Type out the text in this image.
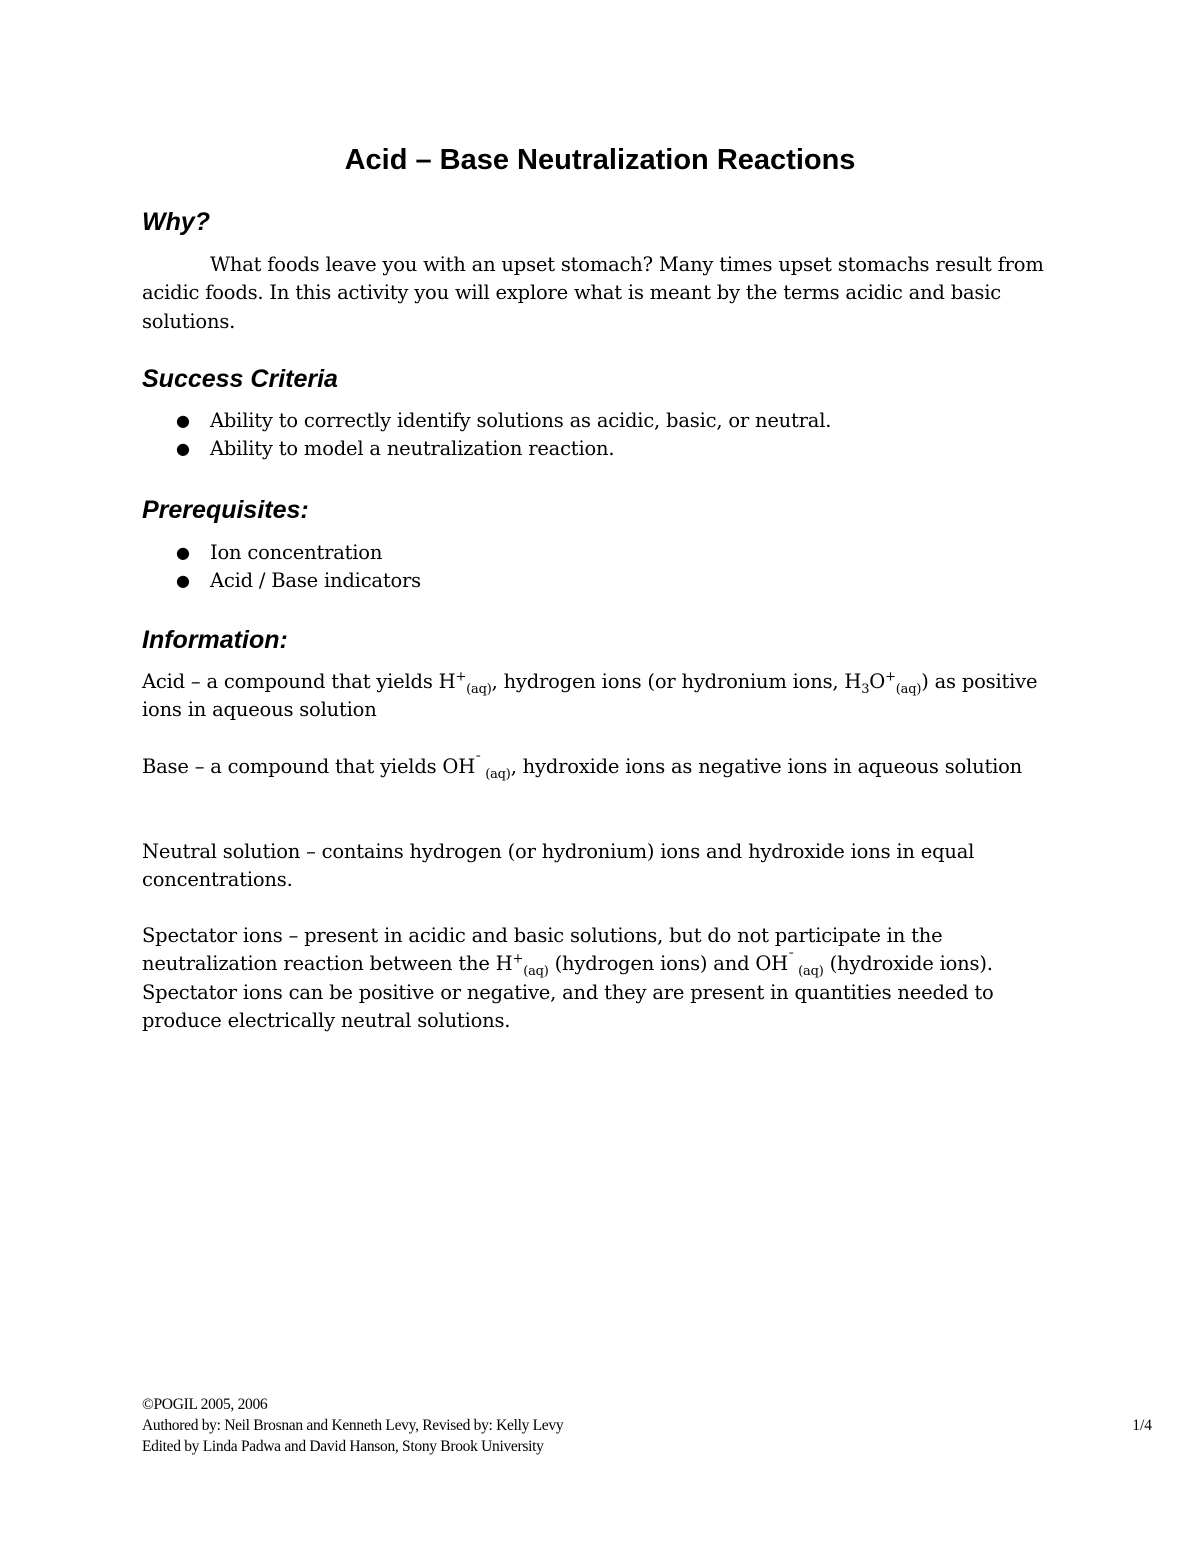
Acid – Base Neutralization Reactions
Why?
What foods leave you with an upset stomach? Many times upset stomachs result from acidic foods. In this activity you will explore what is meant by the terms acidic and basic solutions.
Success Criteria
● Ability to correctly identify solutions as acidic, basic, or neutral.
● Ability to model a neutralization reaction.
Prerequisites:
● Ion concentration
● Acid / Base indicators
Information:
Acid – a compound that yields $H^+_{(aq)}$, hydrogen ions (or hydronium ions, $H_3O^+_{(aq)}$) as positive ions in aqueous solution
Base – a compound that yields OH¯ $_{(aq)}$, hydroxide ions as negative ions in aqueous solution
Neutral solution – contains hydrogen (or hydronium) ions and hydroxide ions in equal concentrations.
Spectator ions – present in acidic and basic solutions, but do not participate in the neutralization reaction between the $H^+_{(aq)}$ (hydrogen ions) and OH¯ $_{(aq)}$ (hydroxide ions). Spectator ions can be positive or negative, and they are present in quantities needed to produce electrically neutral solutions.
©POGIL 2005, 2006
Authored by: Neil Brosnan and Kenneth Levy, Revised by: Kelly Levy
Edited by Linda Padwa and David Hanson, Stony Brook University
1/4
